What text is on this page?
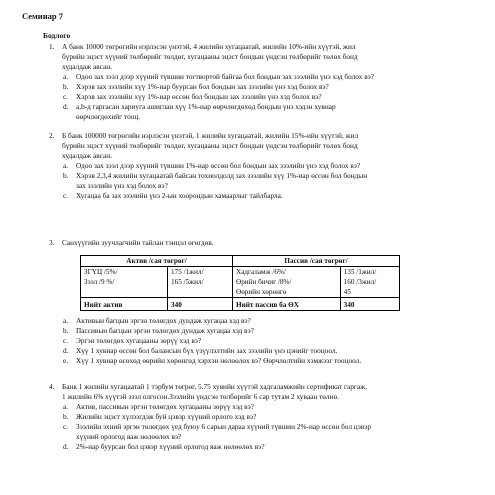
Семинар 7
Бодлого
1. А банк 10000 төгрөгийн нэрлэсэн үнэтэй, 4 жилийн хугацаатай, жилийн 10%-ийн хүүтэй, жил
бүрийн эцэст хүүний төлбөрийг төлдөг, хугацааны эцэст бондын үндсэн төлбөрийг төлөх бонд
худалдаж авсан.
a. Одоо зах зээл дээр хүүний түвшин тогтвортой байгаа бол бондын зах зээлийн үнэ хэд болох вэ?
b. Хэрэв зах зээлийн хүү 1%-иар буурсан бол бондын зах зээлийн үнэ хэд болох вэ?
c. Хэрэв зах зээлийн хүү 1%-иар өссөн бол бондын зах зээлийн үнэ хэд болох вэ?
d. a,b-д гаргасан хариуга ашиглан хүү 1%-иар өөрчлөгдөхөд бондын үнэ хэдэн хувиар
өөрчлөгдөхийг тооц.
2. Б банк 100000 төгрөгийн нэрлэсэн үнэтэй, 1 жилийн хугацаатай, жилийн 15%-ийн хүүтэй, жил
бүрийн эцэст хүүний төлбөрийг төлдөг, хугацааны эцэст бондын үндсэн төлбөрийг төлөх бонд
худалдаж авсан.
a. Одоо зах зээл дээр хүүний түвшин 1%-иар өссөн бол бондын зах зээлийн үнэ хэд болох вэ?
b. Хэрэв 2,3,4 жилийн хугацаатай байсан тохиолдолд зах зээлийн хүү 1%-иар өссөн бол бондын
зах зээлийн үнэ хэд болох вэ?
c. Хугацаа ба зах зээлийн үнэ 2-ын хоорондын хамаарлыг тайлбарла.
3. Санхүүгийн зуучлагчийн тайлан тэнцэл өгөгдөв.
Актив /сая төгрөг/		Пассив /сая төгрөг/	
ЗГҮЦ /5%/	175 /1жил/	Хадгаламж /6%/	135 /1жил/
Зээл /9 %/	165 /5жил/	Өрийн бичиг /8%/	160 /3жил/
		Өөрийн хөрөнгө	45
Нийт актив	340	Нийт пассив ба ӨХ	340
a. Активын багцын эргэн төлөгдөх дундаж хугацаа хэд вэ?
b. Пассивын багцын эргэн төлөгдөх дундаж хугацаа хэд вэ?
c. Эргэн төлөгдөх хугацааны зөрүү хэд вэ?
d. Хүү 1 хувиар өссөн бол балансын бүх үзүүлэлтийн зах зээлийн үнэ цэнийг тооцоол.
e. Хүү 1 хувиар өсөхөд өөрийн хөрөнгөд хэрхэн нөлөөлөх вэ? Өөрчлөлтийн хэмжээг тооцоол.
4. Банк 1 жилийн хугацаатай 1 тэрбум төгрөг, 5.75 хувийн хүүтэй хадгаламжийн сертификат гаргаж,
1 жилийн 6% хүүтэй зээл олгосон.Зээлийн үндсэн төлбөрийг 6 сар тутам 2 хуваан төлнө.
a. Актив, пассивын эргэн төлөгдөх хугацааны зөрүү хэд вэ?
b. Жилийн эцэст хүлээгдэж буй цэвэр хүүний орлого хэд вэ?
c. Зээлийн эхний эргэн төлөгдөх үед буюу 6 сарын дараа хүүний түвшин 2%-иар өссөн бол цэвэр
хүүний орлогод яаж нөлөөлөх вэ?
d. 2%-иар буурсан бол цэвэр хүүний орлогод яаж нөлөөлөх вэ?
